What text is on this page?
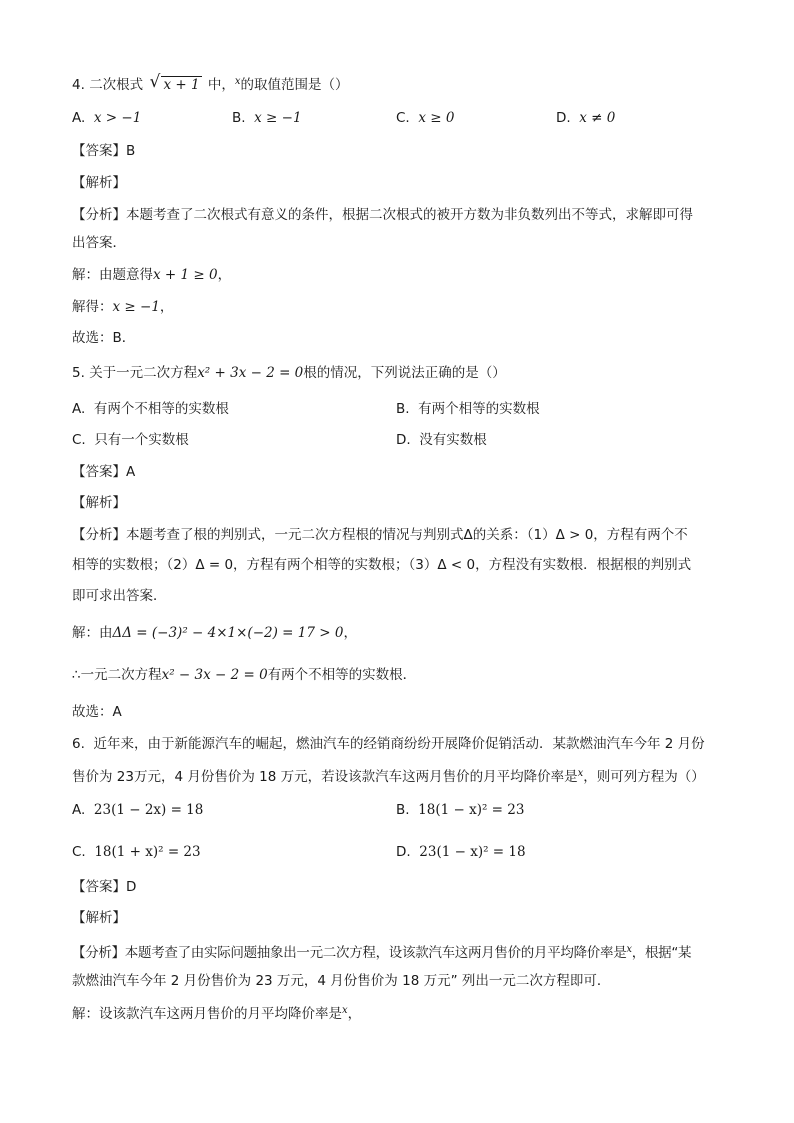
4. 二次根式 √ x + 1 中，$^x$的取值范围是（）
A. x > −1	B. x ≥ −1	C. x ≥ 0	D. x ≠ 0
【答案】B
【解析】
【分析】本题考查了二次根式有意义的条件，根据二次根式的被开方数为非负数列出不等式，求解即可得
出答案．
解：由题意得x + 1 ≥ 0，
解得：x ≥ −1，
故选：B．
5. 关于一元二次方程x² + 3x − 2 = 0根的情况，下列说法正确的是（）
A. 有两个不相等的实数根	B. 有两个相等的实数根
C. 只有一个实数根	D. 没有实数根
【答案】A
【解析】
【分析】本题考查了根的判别式，一元二次方程根的情况与判别式Δ的关系：（1）Δ > 0，方程有两个不
相等的实数根；（2）Δ = 0，方程有两个相等的实数根；（3）Δ < 0，方程没有实数根．根据根的判别式
即可求出答案．
解：由ΔΔ = (−3)² − 4×1×(−2) = 17 > 0，
∴一元二次方程x² − 3x − 2 = 0有两个不相等的实数根．
故选：A
6. 近年来，由于新能源汽车的崛起，燃油汽车的经销商纷纷开展降价促销活动．某款燃油汽车今年 2 月份
售价为 23万元，4 月份售价为 18 万元，若设该款汽车这两月售价的月平均降价率是$^x$，则可列方程为（）
A. 23(1 − 2x) = 18	B. 18(1 − x)² = 23
C. 18(1 + x)² = 23	D. 23(1 − x)² = 18
【答案】D
【解析】
【分析】本题考查了由实际问题抽象出一元二次方程，设该款汽车这两月售价的月平均降价率是$^x$，根据“某
款燃油汽车今年 2 月份售价为 23 万元，4 月份售价为 18 万元” 列出一元二次方程即可．
解：设该款汽车这两月售价的月平均降价率是$^x$，
